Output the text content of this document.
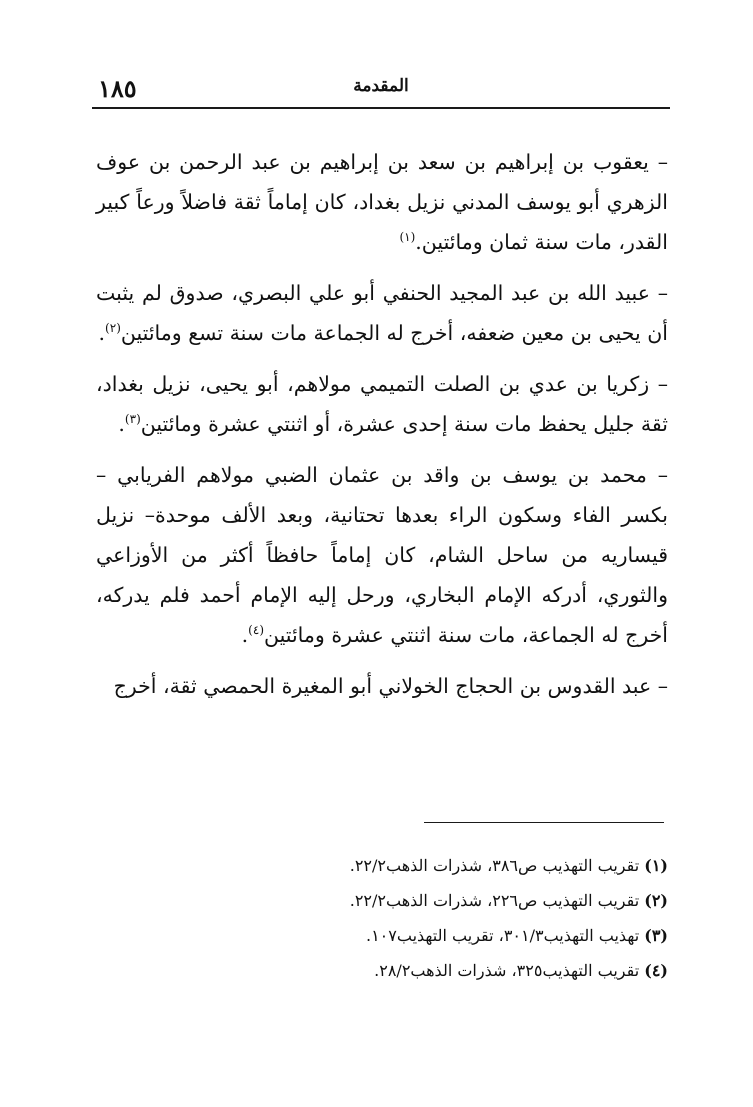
١٨٥	المقدمة

– يعقوب بن إبراهيم بن سعد بن إبراهيم بن عبد الرحمن بن عوف الزهري أبو يوسف المدني نزيل بغداد، كان إماماً ثقة فاضلاً ورعاً كبير القدر، مات سنة ثمان ومائتين.$^{(١)}$

– عبيد الله بن عبد المجيد الحنفي أبو علي البصري، صدوق لم يثبت أن يحيى بن معين ضعفه، أخرج له الجماعة مات سنة تسع ومائتين$^{(٢)}$.

– زكريا بن عدي بن الصلت التميمي مولاهم، أبو يحيى، نزيل بغداد، ثقة جليل يحفظ مات سنة إحدى عشرة، أو اثنتي عشرة ومائتين$^{(٣)}$.

– محمد بن يوسف بن واقد بن عثمان الضبي مولاهم الفريابي – بكسر الفاء وسكون الراء بعدها تحتانية، وبعد الألف موحدة– نزيل قيساريه من ساحل الشام، كان إماماً حافظاً أكثر من الأوزاعي والثوري، أدركه الإمام البخاري، ورحل إليه الإمام أحمد فلم يدركه، أخرج له الجماعة، مات سنة اثنتي عشرة ومائتين$^{(٤)}$.

– عبد القدوس بن الحجاج الخولاني أبو المغيرة الحمصي ثقة، أخرج

(١) تقريب التهذيب ص٣٨٦، شذرات الذهب٢٢/٢.

(٢) تقريب التهذيب ص٢٢٦، شذرات الذهب٢٢/٢.

(٣) تهذيب التهذيب٣٠١/٣، تقريب التهذيب١٠٧.

(٤) تقريب التهذيب٣٢٥، شذرات الذهب٢٨/٢.
